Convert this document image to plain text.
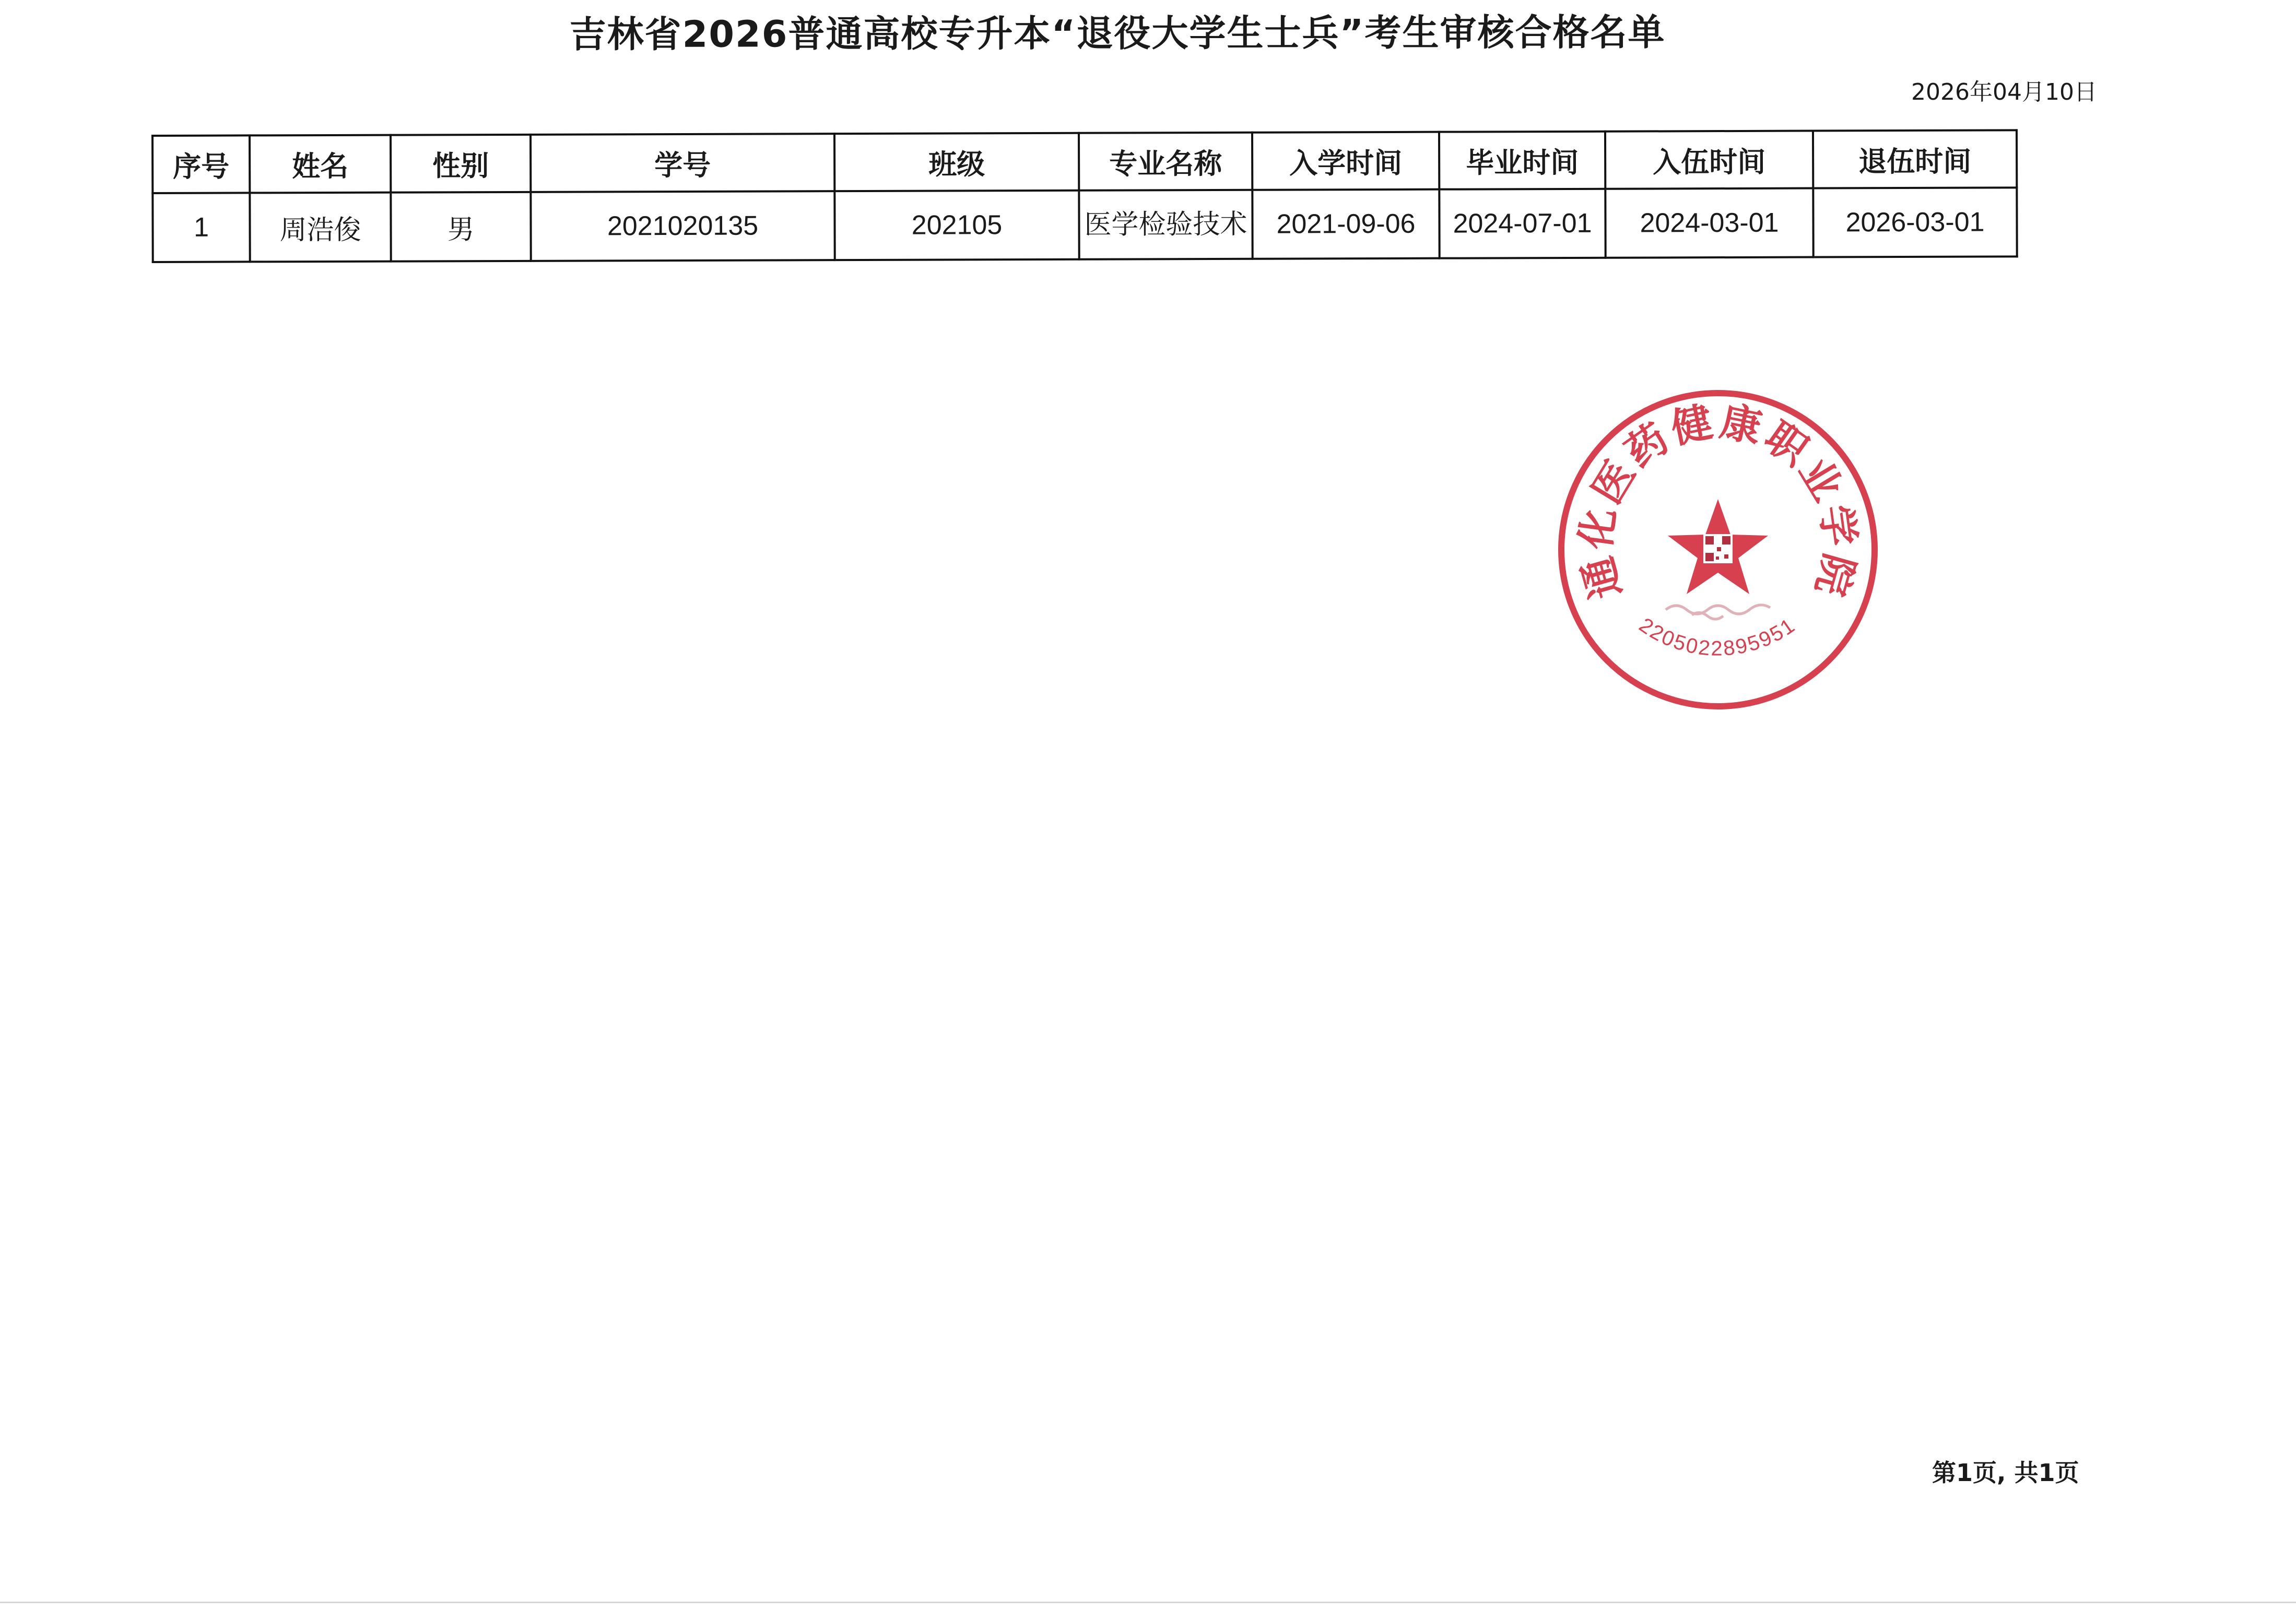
吉林省2026普通高校专升本“退役大学生士兵”考生审核合格名单
2026年04月10日
序号	姓名	性别	学号	班级	专业名称	入学时间	毕业时间	入伍时间	退伍时间
1	周浩俊	男	2021020135	202105	医学检验技术	2021-09-06	2024-07-01	2024-03-01	2026-03-01
通化医药健康职业学院
2205022895951
第1页, 共1页
